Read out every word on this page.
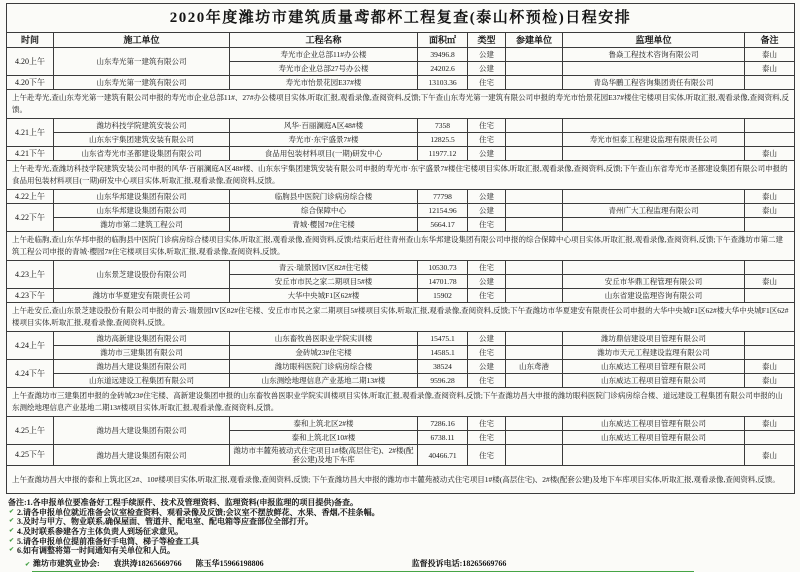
2020年度潍坊市建筑质量鸢都杯工程复查(泰山杯预检)日程安排							
时间	施工单位	工程名称	面积㎡	类型	参建单位	监理单位	备注
4.20上午	山东寿光第一建筑有限公司	寿光市企业总部11#办公楼	39496.8	公建		鲁焱工程技术咨询有限公司	泰山
		寿光市企业总部27号办公楼	24202.6	公建			泰山
4.20下午	山东寿光第一建筑有限公司	寿光市怡景花园E37#楼	13103.36	住宅		青岛华鹏工程咨询集团责任有限公司	
上午赴寿光,查山东寿光第一建筑有限公司申报的寿光市企业总部11#、27#办公楼项目实体,听取汇报,观看录像,查阅资料,反馈;下午查山东寿光第一建筑有限公司申报的寿光市怡景花园E37#楼住宅楼项目实体,听取汇报,观看录像,查阅资料,反馈。							
4.21上午	潍坊科技学院建筑安装公司	风华·百丽澜庭A区48#楼	7358	住宅			
	山东东宇集团建筑安装有限公司	寿光市·东宇盛景7#楼	12825.5	住宅		寿光市恒泰工程建设监理有限责任公司	
4.21下午	山东省寿光市圣都建设集团有限公司	食品用包装材料项目(一期)研发中心	11977.12	公建			泰山
上午赴寿光,查潍坊科技学院建筑安装公司申报的风华·百丽澜庭A区48#楼、山东东宇集团建筑安装有限公司申报的寿光市·东宇盛景7#楼住宅楼项目实体,听取汇报,观看录像,查阅资料,反馈;下午查山东省寿光市圣都建设集团有限公司申报的食品用包装材料项目(一期)研发中心项目实体,听取汇报,观看录像,查阅资料,反馈。							
4.22上午	山东华邦建设集团有限公司	临朐县中医院门诊病房综合楼	77798	公建			泰山
4.22下午	山东华邦建设集团有限公司	综合保障中心	12154.96	公建		青州广大工程监理有限公司	泰山
	潍坊市第二建筑工程公司	青城·樱园7#住宅楼	5664.17	住宅			
上午赴临朐,查山东华邦申报的临朐县中医院门诊病房综合楼项目实体,听取汇报,观看录像,查阅资料,反馈;结束后赶往青州查山东华邦建设集团有限公司申报的综合保障中心项目实体,听取汇报,观看录像,查阅资料,反馈;下午查潍坊市第二建筑工程公司申报的青城·樱园7#住宅楼项目实体,听取汇报,观看录像,查阅资料,反馈。							
4.23上午	山东景芝建设股份有限公司	青云·瑞景园IV区82#住宅楼	10530.73	住宅			
		安丘市市民之家二期项目5#楼	14701.78	公建		安丘市华鼎工程管理有限公司	泰山
4.23下午	潍坊市华夏建安有限责任公司	大华中央城F1区62#楼	15902	住宅		山东省建设监理咨询有限公司	
上午赴安丘,查山东景芝建设股份有限公司申报的青云·瑞景园IV区82#住宅楼、安丘市市民之家二期项目5#楼项目实体,听取汇报,观看录像,查阅资料,反馈;下午查潍坊市华夏建安有限责任公司申报的大华中央城F1区62#楼大华中央城F1区62#楼项目实体,听取汇报,观看录像,查阅资料,反馈。							
4.24上午	潍坊高新建设集团有限公司	山东畜牧兽医职业学院实训楼	15475.1	公建		潍坊鼎信建设项目管理有限公司	
	潍坊市三建集团有限公司	金砖城23#住宅楼	14585.1	住宅		潍坊市天元工程建设监理有限公司	
4.24下午	潍坊昌大建设集团有限公司	潍坊眼科医院门诊病房综合楼	38524	公建	山东鸢港	山东威达工程项目管理有限公司	泰山
	山东道远建设工程集团有限公司	山东测绘地理信息产业基地二期13#楼	9596.28	住宅		山东威达工程项目管理有限公司	泰山
上午查潍坊市三建集团申报的金砖城23#住宅楼、高新建设集团申报的山东畜牧兽医职业学院实训楼项目实体,听取汇报,观看录像,查阅资料,反馈;下午查潍坊昌大申报的潍坊眼科医院门诊病房综合楼、道远建设工程集团有限公司申报的山东测绘地理信息产业基地二期13#楼项目实体,听取汇报,观看录像,查阅资料,反馈。							
4.25上午	潍坊昌大建设集团有限公司	泰和上筑北区2#楼	7286.16	住宅		山东威达工程项目管理有限公司	泰山
		泰和上筑北区10#楼	6738.11	住宅		山东威达工程项目管理有限公司	
4.25下午	潍坊昌大建设集团有限公司	潍坊市丰麓苑被动式住宅项目1#楼(高层住宅)、2#楼(配套公建)及地下车库	40466.71	住宅			泰山
上午查潍坊昌大申报的泰和上筑北区2#、10#楼项目实体,听取汇报,观看录像,查阅资料,反馈; 下午查潍坊昌大申报的潍坊市丰麓苑被动式住宅项目1#楼(高层住宅)、2#楼(配套公建)及地下车库项目实体,听取汇报,观看录像,查阅资料,反馈。							
备注:1.各申报单位要准备好工程手续原件、技术及管理资料、监理资料(申报监理的项目提供)备查。
✔ 2.请各申报单位就近准备会议室检查资料、观看录像及反馈;会议室不摆放鲜花、水果、香烟,不挂条幅。
✔ 3.及时与甲方、物业联系,确保屋面、管道井、配电室、配电箱等应查部位全部打开。
✔ 4.及时联系参建各方主体负责人到场征求意见。
✔ 5.请各申报单位提前准备好手电筒、梯子等检查工具
✔ 6.如有调整将第一时间通知有关单位和人员。
✔ 潍坊市建筑业协会: 袁洪涛18265669766 陈玉华15966198806	监督投诉电话: 18265669766
